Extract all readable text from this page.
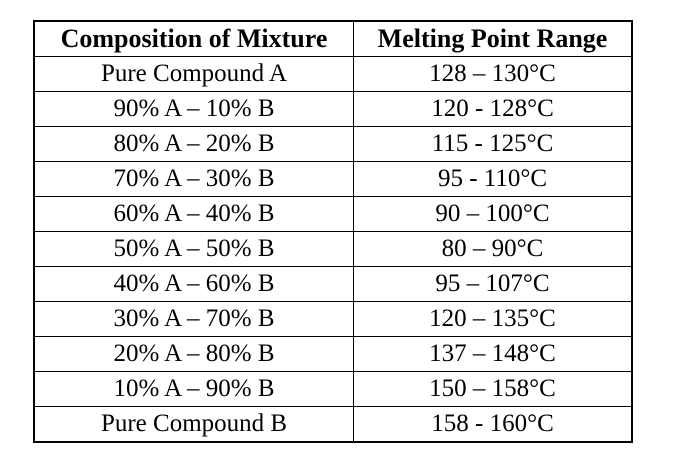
Composition of Mixture	Melting Point Range
Pure Compound A	128 – 130°C
90% A – 10% B	120 - 128°C
80% A – 20% B	115 - 125°C
70% A – 30% B	95 - 110°C
60% A – 40% B	90 – 100°C
50% A – 50% B	80 – 90°C
40% A – 60% B	95 – 107°C
30% A – 70% B	120 – 135°C
20% A – 80% B	137 – 148°C
10% A – 90% B	150 – 158°C
Pure Compound B	158 - 160°C
